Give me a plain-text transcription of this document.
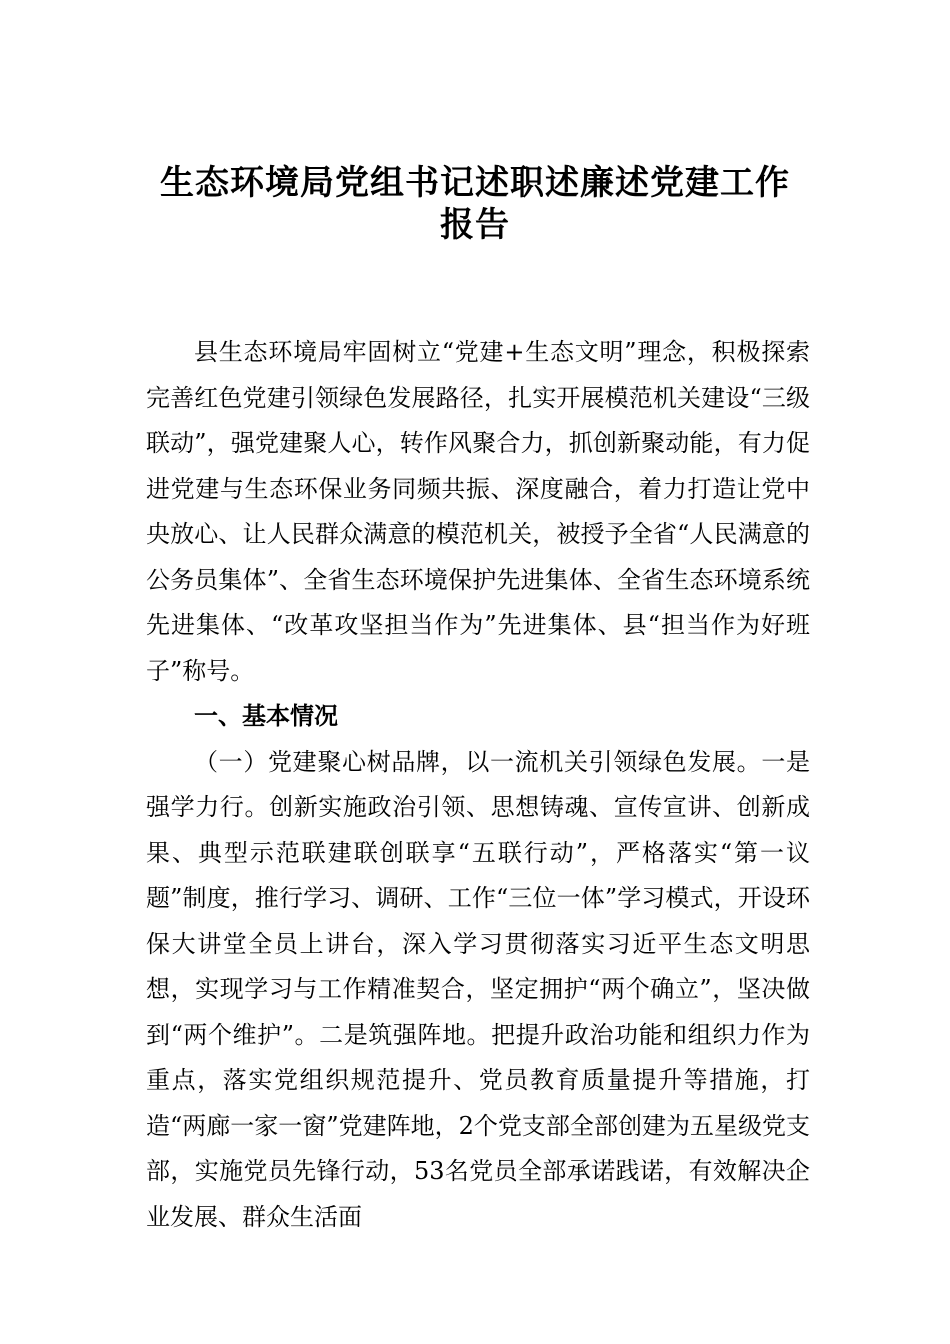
生态环境局党组书记述职述廉述党建工作
报告

县生态环境局牢固树立“党建+生态文明”理念，积极探索完善红色党建引领绿色发展路径，扎实开展模范机关建设“三级联动”，强党建聚人心，转作风聚合力，抓创新聚动能，有力促进党建与生态环保业务同频共振、深度融合，着力打造让党中央放心、让人民群众满意的模范机关，被授予全省“人民满意的公务员集体”、全省生态环境保护先进集体、全省生态环境系统先进集体、“改革攻坚担当作为”先进集体、县“担当作为好班子”称号。

一、基本情况

（一）党建聚心树品牌，以一流机关引领绿色发展。一是强学力行。创新实施政治引领、思想铸魂、宣传宣讲、创新成果、典型示范联建联创联享“五联行动”，严格落实“第一议题”制度，推行学习、调研、工作“三位一体”学习模式，开设环保大讲堂全员上讲台，深入学习贯彻落实习近平生态文明思想，实现学习与工作精准契合，坚定拥护“两个确立”，坚决做到“两个维护”。二是筑强阵地。把提升政治功能和组织力作为重点，落实党组织规范提升、党员教育质量提升等措施，打造“两廊一家一窗”党建阵地，2个党支部全部创建为五星级党支部，实施党员先锋行动，53名党员全部承诺践诺，有效解决企业发展、群众生活面
